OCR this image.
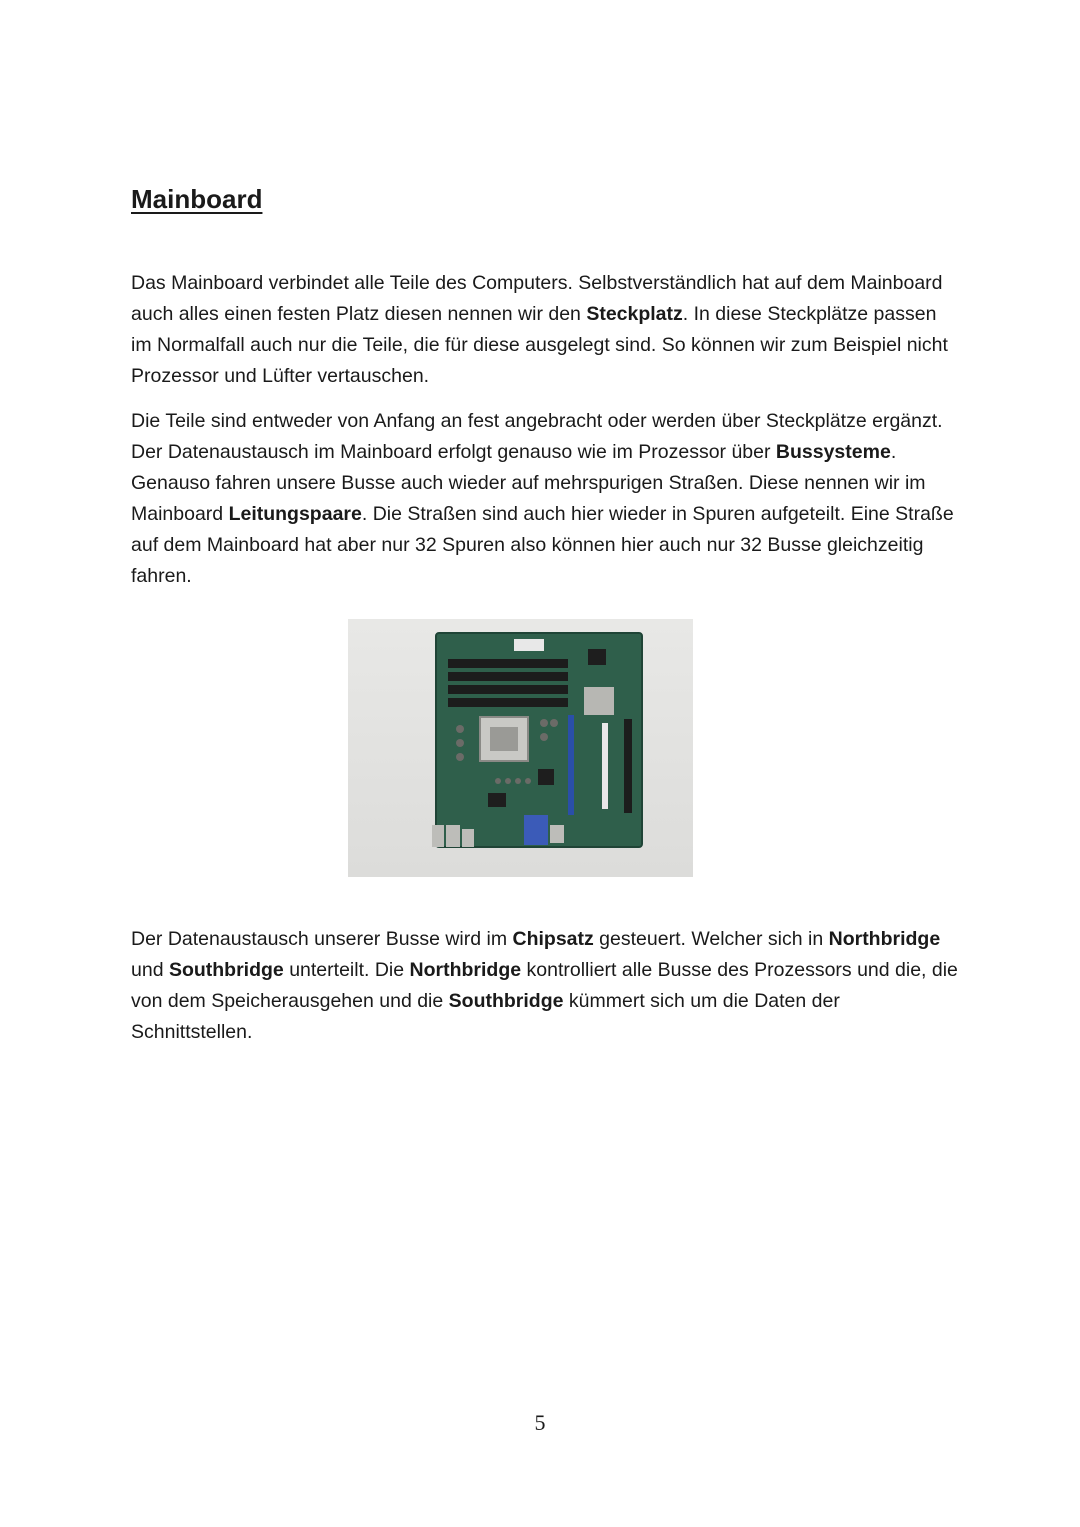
Mainboard

Das Mainboard verbindet alle Teile des Computers. Selbstverständlich hat auf dem Mainboard auch alles einen festen Platz diesen nennen wir den Steckplatz. In diese Steckplätze passen im Normalfall auch nur die Teile, die für diese ausgelegt sind. So können wir zum Beispiel nicht Prozessor und Lüfter vertauschen.

Die Teile sind entweder von Anfang an fest angebracht oder werden über Steckplätze ergänzt. Der Datenaustausch im Mainboard erfolgt genauso wie im Prozessor über Bussysteme. Genauso fahren unsere Busse auch wieder auf mehrspurigen Straßen. Diese nennen wir im Mainboard Leitungspaare. Die Straßen sind auch hier wieder in Spuren aufgeteilt. Eine Straße auf dem Mainboard hat aber nur 32 Spuren also können hier auch nur 32 Busse gleichzeitig fahren.

Der Datenaustausch unserer Busse wird im Chipsatz gesteuert. Welcher sich in Northbridge und Southbridge unterteilt. Die Northbridge kontrolliert alle Busse des Prozessors und die, die von dem Speicherausgehen und die Southbridge kümmert sich um die Daten der Schnittstellen.

5
